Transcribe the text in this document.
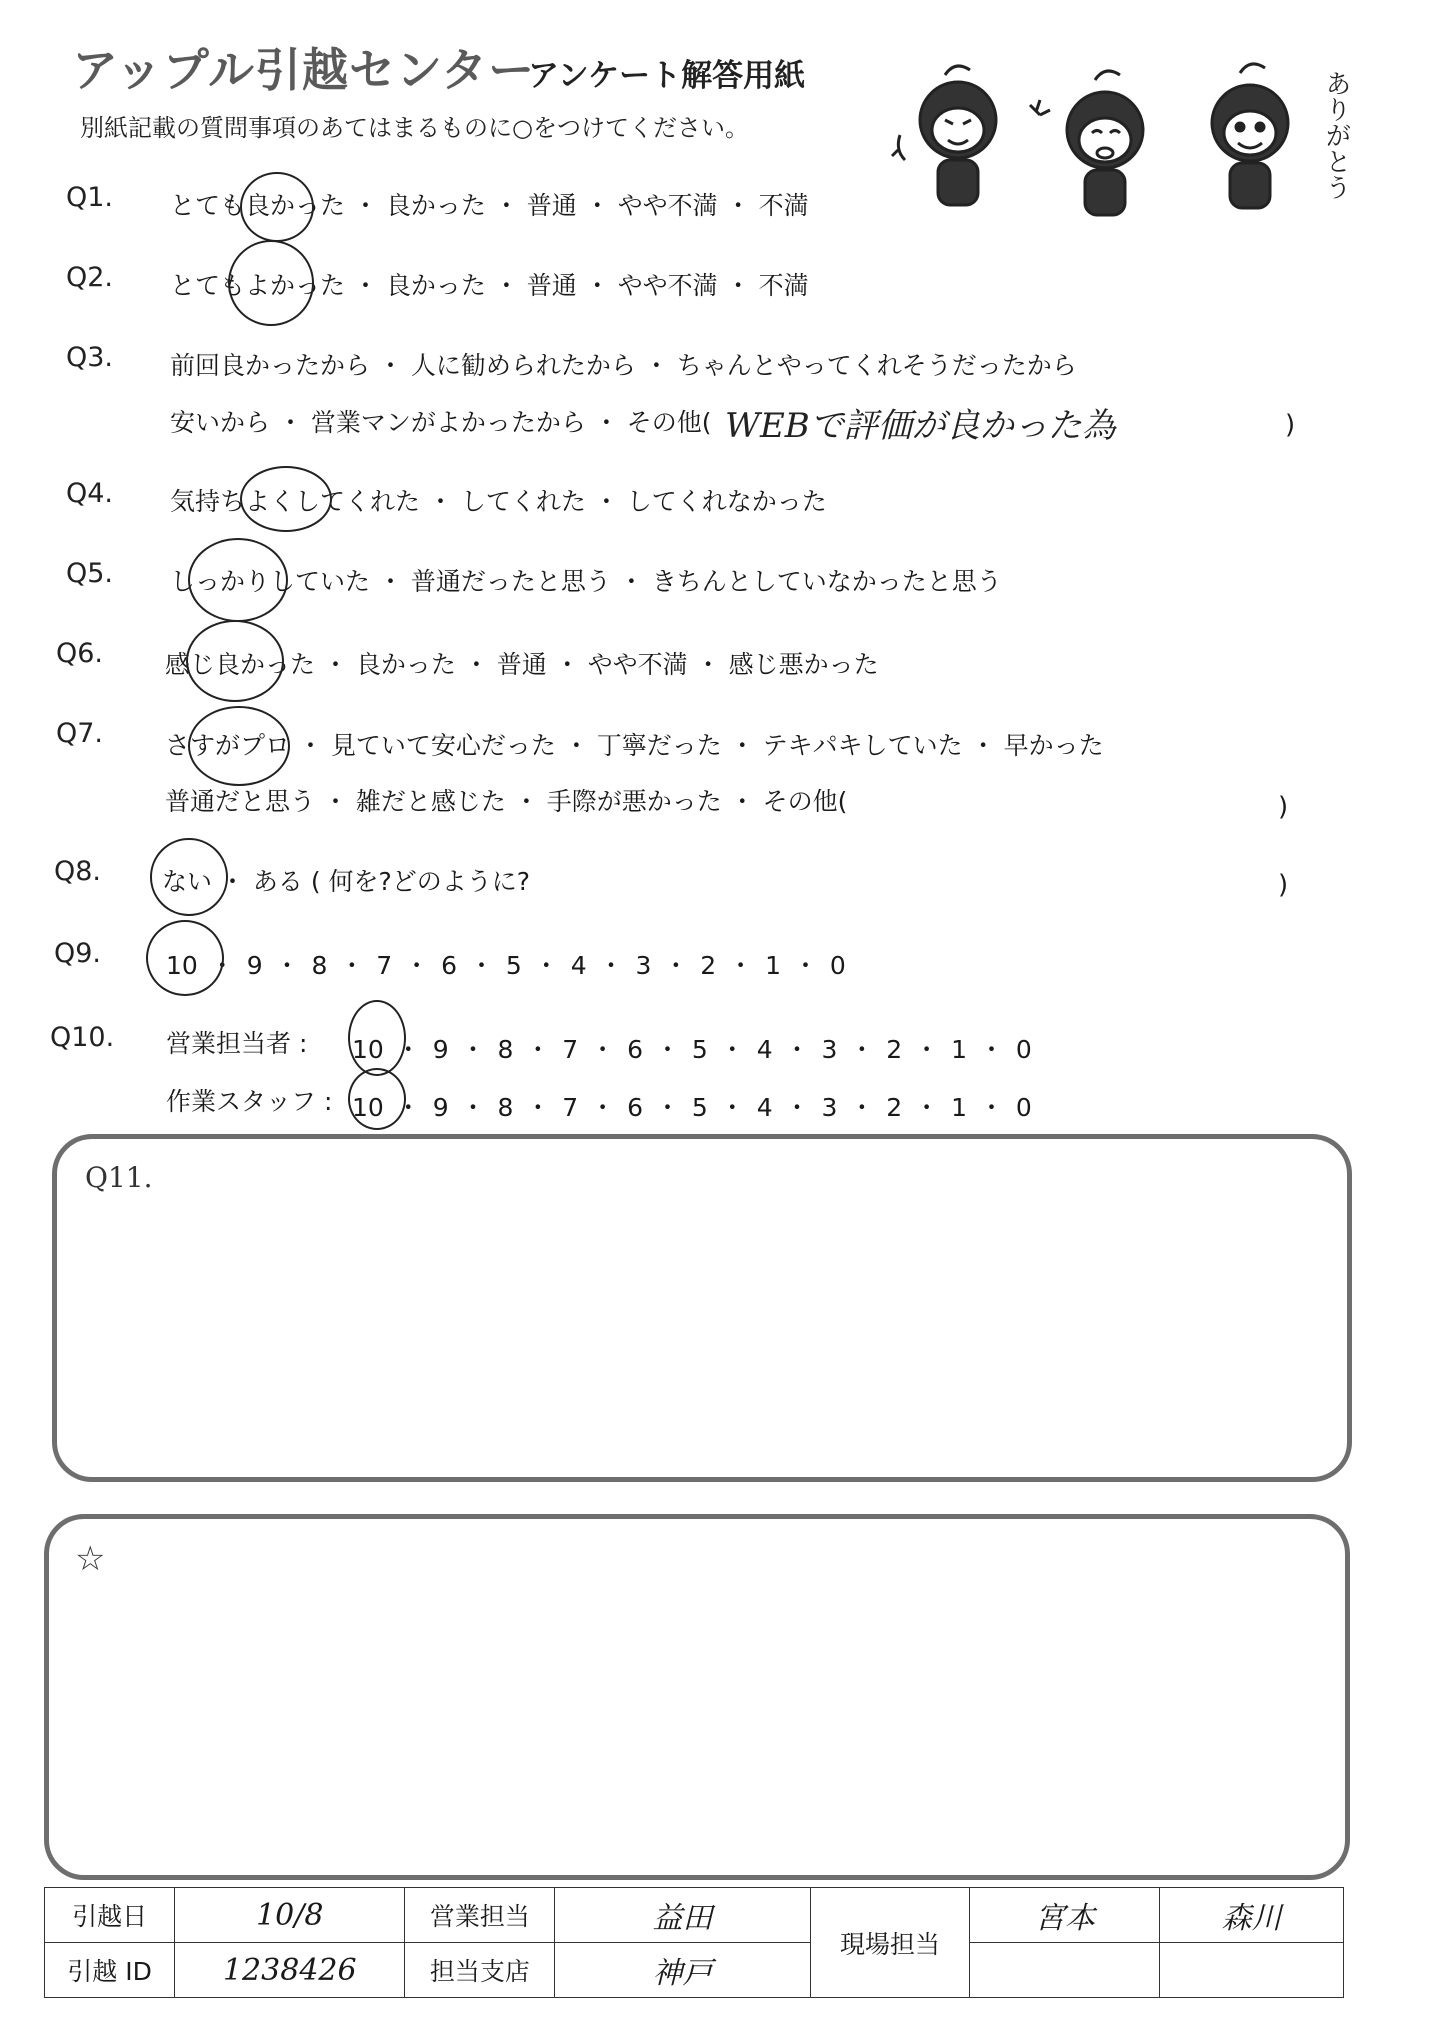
アップル引越センター
アンケート解答用紙
別紙記載の質問事項のあてはまるものに○をつけてください。	ありがとう
Q1. とても良かった ・ 良かった ・ 普通 ・ やや不満 ・ 不満
Q2. とてもよかった ・ 良かった ・ 普通 ・ やや不満 ・ 不満
Q3. 前回良かったから ・ 人に勧められたから ・ ちゃんとやってくれそうだったから
安いから ・ 営業マンがよかったから ・ その他( WEBで評価が良かった為	)
Q4. 気持ちよくしてくれた ・ してくれた ・ してくれなかった
Q5. しっかりしていた ・ 普通だったと思う ・ きちんとしていなかったと思う
Q6. 感じ良かった ・ 良かった ・ 普通 ・ やや不満 ・ 感じ悪かった
Q7. さすがプロ ・ 見ていて安心だった ・ 丁寧だった ・ テキパキしていた ・ 早かった
普通だと思う ・ 雑だと感じた ・ 手際が悪かった ・ その他(	)
Q8. ない ・ ある ( 何を?どのように?	)
Q9.	10 ・ 9 ・ 8 ・ 7 ・ 6 ・ 5 ・ 4 ・ 3 ・ 2 ・ 1 ・ 0
Q10. 営業担当者 : 10 ・ 9 ・ 8 ・ 7 ・ 6 ・ 5 ・ 4 ・ 3 ・ 2 ・ 1 ・ 0
作業スタッフ : 10 ・ 9 ・ 8 ・ 7 ・ 6 ・ 5 ・ 4 ・ 3 ・ 2 ・ 1 ・ 0
Q11.
☆
引越日	10/8	営業担当	益田	現場担当	宮本	森川
引越 ID	1238426	担当支店	神戸			
